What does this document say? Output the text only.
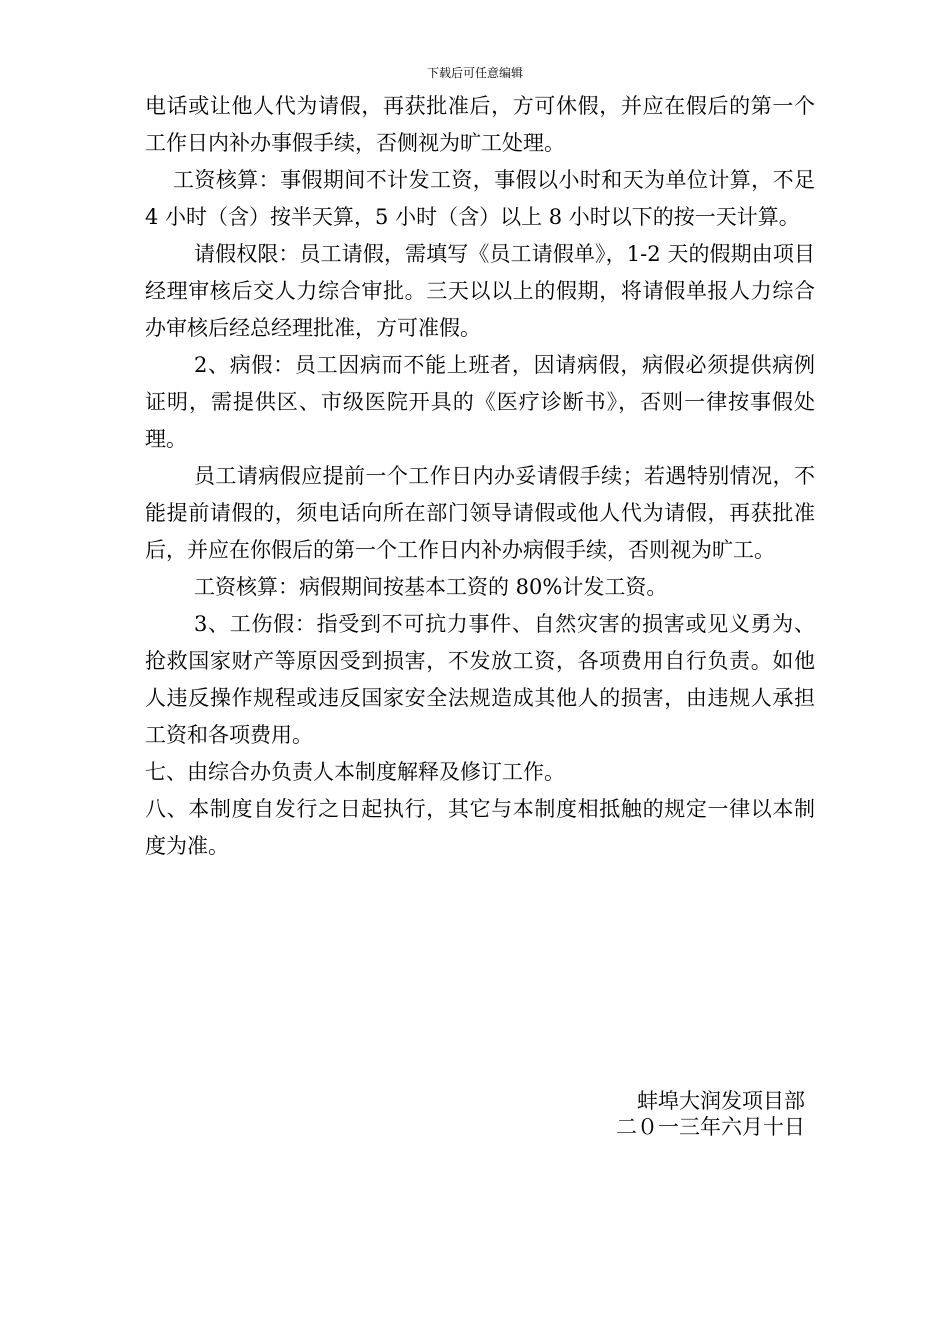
下载后可任意编辑

电话或让他人代为请假，再获批准后，方可休假，并应在假后的第一个工作日内补办事假手续，否侧视为旷工处理。

工资核算：事假期间不计发工资，事假以小时和天为单位计算，不足 4 小时（含）按半天算，5 小时（含）以上 8 小时以下的按一天计算。

请假权限：员工请假，需填写《员工请假单》，1-2 天的假期由项目经理审核后交人力综合审批。三天以以上的假期，将请假单报人力综合办审核后经总经理批准，方可准假。

2、病假：员工因病而不能上班者，因请病假，病假必须提供病例证明，需提供区、市级医院开具的《医疗诊断书》，否则一律按事假处理。

员工请病假应提前一个工作日内办妥请假手续；若遇特别情况，不能提前请假的，须电话向所在部门领导请假或他人代为请假，再获批准后，并应在你假后的第一个工作日内补办病假手续，否则视为旷工。

工资核算：病假期间按基本工资的 80%计发工资。

3、工伤假：指受到不可抗力事件、自然灾害的损害或见义勇为、抢救国家财产等原因受到损害，不发放工资，各项费用自行负责。如他人违反操作规程或违反国家安全法规造成其他人的损害，由违规人承担工资和各项费用。

七、由综合办负责人本制度解释及修订工作。

八、本制度自发行之日起执行，其它与本制度相抵触的规定一律以本制度为准。

蚌埠大润发项目部
二０一三年六月十日
